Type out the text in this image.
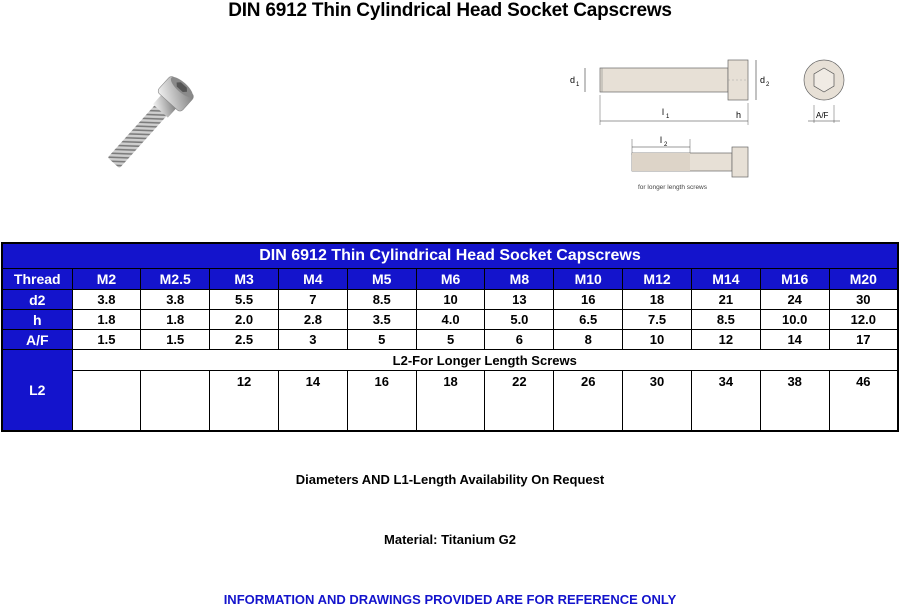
DIN 6912 Thin Cylindrical Head Socket Capscrews
d 1	d 2
l 1	h	A/F
l 2
for longer length screws
DIN 6912 Thin Cylindrical Head Socket Capscrews												
Thread	M2	M2.5	M3	M4	M5	M6	M8	M10	M12	M14	M16	M20
d2	3.8	3.8	5.5	7	8.5	10	13	16	18	21	24	30
h	1.8	1.8	2.0	2.8	3.5	4.0	5.0	6.5	7.5	8.5	10.0	12.0
A/F	1.5	1.5	2.5	3	5	5	6	8	10	12	14	17
L2	L2-For Longer Length Screws											
			12	14	16	18	22	26	30	34	38	46
Diameters AND L1-Length Availability On Request
Material: Titanium G2
INFORMATION AND DRAWINGS PROVIDED ARE FOR REFERENCE ONLY
